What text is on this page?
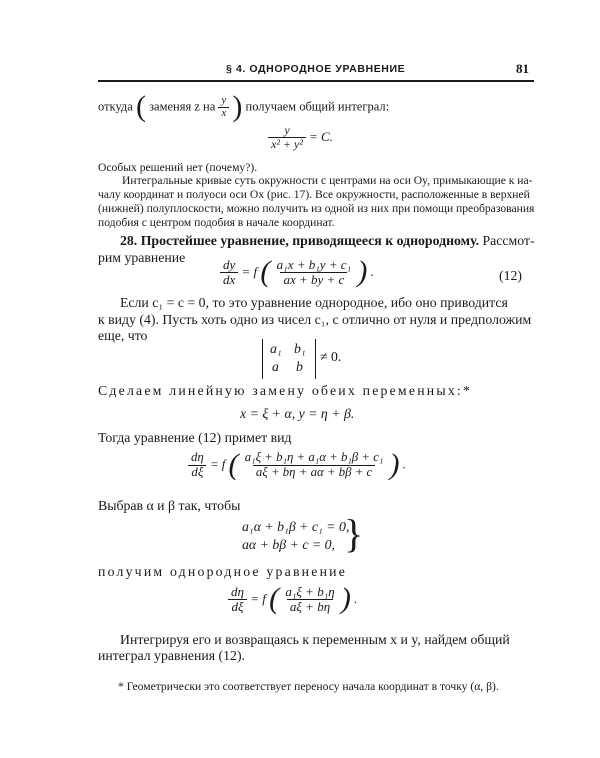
§ 4. ОДНОРОДНОЕ УРАВНЕНИЕ	81
откуда ( заменяя z на $\frac{y}{x}$ ) получаем общий интеграл:
$\frac{y}{\text{x² + y²}} = C$.
Особых решений нет (почему?).
Интегральные кривые суть окружности с центрами на оси Oy, примыкающие к на-
чалу координат и полуоси оси Ox (рис. 17). Все окружности, расположенные в верхней
(нижней) полуплоскости, можно получить из одной из них при помощи преобразования
подобия с центром подобия в начале координат.
28. Простейшее уравнение, приводящееся к однородному. Рассмот-
рим уравнение
$\frac{dy}{dx} = f$ ( $\frac{\text{a₁x + b₁y + c₁}}{ax + by + c}$ ) .	(12)
Если c₁ = c = 0, то это уравнение однородное, ибо оно приводится
к виду (4). Пусть хоть одно из чисел c₁, c отлично от нуля и предположим
еще, что
a₁ b₁
a b
≠ 0.
Сделаем линейную замену обеих переменных:*
x = ξ + α, y = η + β.
Тогда уравнение (12) примет вид
$\frac{d\eta}{d\xi} = f$ ( $\frac{\text{a₁ξ + b₁η + a₁α + b₁β + c₁}}{a\xi + b\eta + a\alpha + b\beta + c}$ ) .
Выбрав α и β так, чтобы
a₁α + b₁β + c₁ = 0,
aα + bβ + c = 0, }
получим однородное уравнение
$\frac{d\eta}{d\xi} = f$ ( $\frac{\text{a₁ξ + b₁η}}{a\xi + b\eta}$ ) .
Интегрируя его и возвращаясь к переменным x и y, найдем общий
интеграл уравнения (12).
* Геометрически это соответствует переносу начала координат в точку (α, β).
